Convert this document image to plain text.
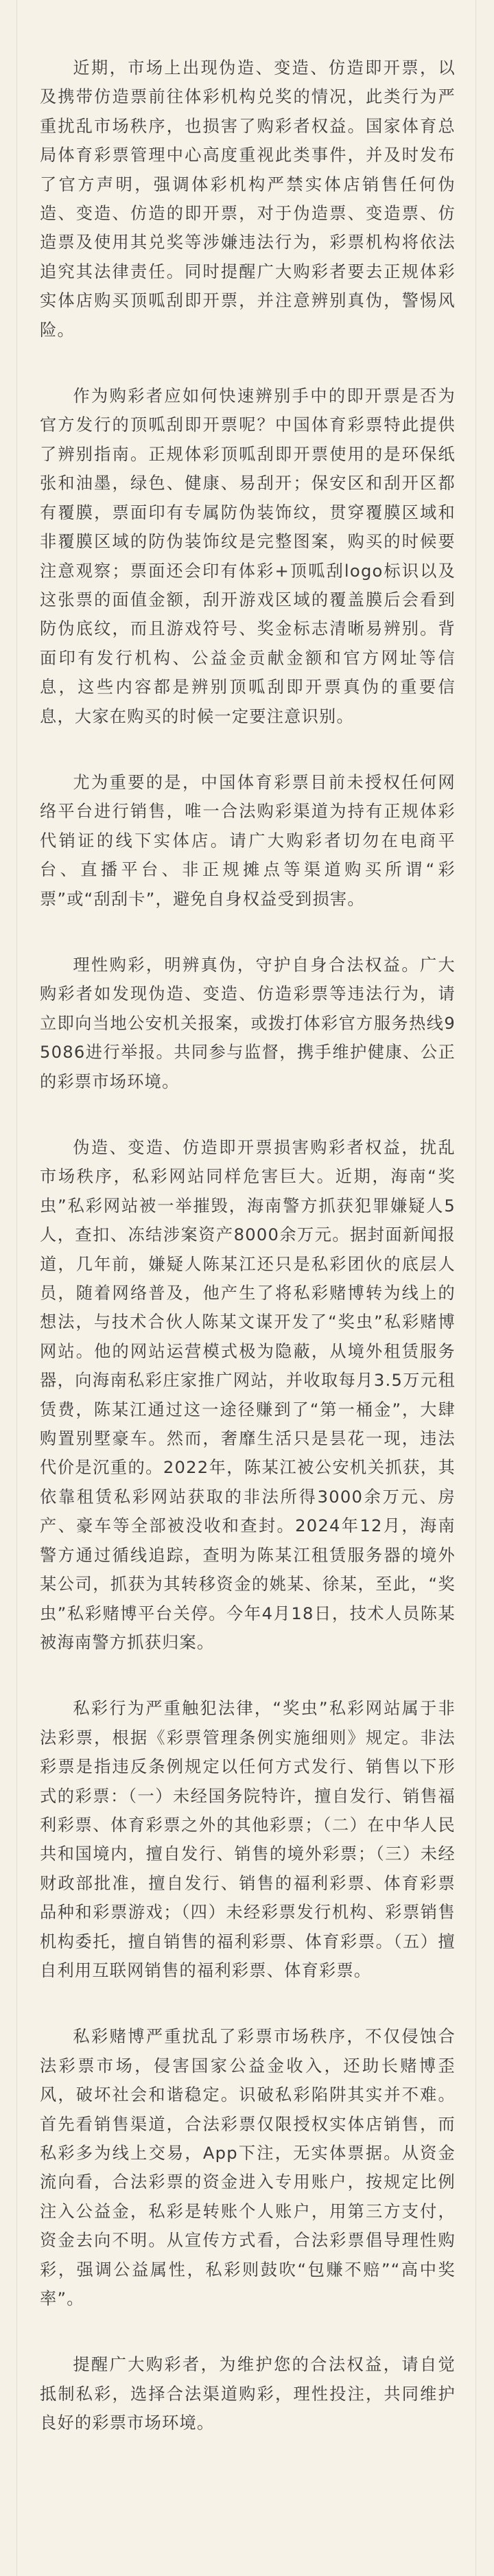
近期，市场上出现伪造、变造、仿造即开票，以及携带仿造票前往体彩机构兑奖的情况，此类行为严重扰乱市场秩序，也损害了购彩者权益。国家体育总局体育彩票管理中心高度重视此类事件，并及时发布了官方声明，强调体彩机构严禁实体店销售任何伪造、变造、仿造的即开票，对于伪造票、变造票、仿造票及使用其兑奖等涉嫌违法行为，彩票机构将依法追究其法律责任。同时提醒广大购彩者要去正规体彩实体店购买顶呱刮即开票，并注意辨别真伪，警惕风险。

作为购彩者应如何快速辨别手中的即开票是否为官方发行的顶呱刮即开票呢？中国体育彩票特此提供了辨别指南。正规体彩顶呱刮即开票使用的是环保纸张和油墨，绿色、健康、易刮开；保安区和刮开区都有覆膜，票面印有专属防伪装饰纹，贯穿覆膜区域和非覆膜区域的防伪装饰纹是完整图案，购买的时候要注意观察；票面还会印有体彩+顶呱刮logo标识以及这张票的面值金额，刮开游戏区域的覆盖膜后会看到防伪底纹，而且游戏符号、奖金标志清晰易辨别。背面印有发行机构、公益金贡献金额和官方网址等信息，这些内容都是辨别顶呱刮即开票真伪的重要信息，大家在购买的时候一定要注意识别。

尤为重要的是，中国体育彩票目前未授权任何网络平台进行销售，唯一合法购彩渠道为持有正规体彩代销证的线下实体店。请广大购彩者切勿在电商平台、直播平台、非正规摊点等渠道购买所谓“彩票”或“刮刮卡”，避免自身权益受到损害。

理性购彩，明辨真伪，守护自身合法权益。广大购彩者如发现伪造、变造、仿造彩票等违法行为，请立即向当地公安机关报案，或拨打体彩官方服务热线95086进行举报。共同参与监督，携手维护健康、公正的彩票市场环境。

伪造、变造、仿造即开票损害购彩者权益，扰乱市场秩序，私彩网站同样危害巨大。近期，海南“奖虫”私彩网站被一举摧毁，海南警方抓获犯罪嫌疑人5人，查扣、冻结涉案资产8000余万元。据封面新闻报道，几年前，嫌疑人陈某江还只是私彩团伙的底层人员，随着网络普及，他产生了将私彩赌博转为线上的想法，与技术合伙人陈某文谋开发了“奖虫”私彩赌博网站。他的网站运营模式极为隐蔽，从境外租赁服务器，向海南私彩庄家推广网站，并收取每月3.5万元租赁费，陈某江通过这一途径赚到了“第一桶金”，大肆购置别墅豪车。然而，奢靡生活只是昙花一现，违法代价是沉重的。2022年，陈某江被公安机关抓获，其依靠租赁私彩网站获取的非法所得3000余万元、房产、豪车等全部被没收和查封。2024年12月，海南警方通过循线追踪，查明为陈某江租赁服务器的境外某公司，抓获为其转移资金的姚某、徐某，至此，“奖虫”私彩赌博平台关停。今年4月18日，技术人员陈某被海南警方抓获归案。

私彩行为严重触犯法律，“奖虫”私彩网站属于非法彩票，根据《彩票管理条例实施细则》规定。非法彩票是指违反条例规定以任何方式发行、销售以下形式的彩票：（一）未经国务院特许，擅自发行、销售福利彩票、体育彩票之外的其他彩票；（二）在中华人民共和国境内，擅自发行、销售的境外彩票；（三）未经财政部批准，擅自发行、销售的福利彩票、体育彩票品种和彩票游戏；（四）未经彩票发行机构、彩票销售机构委托，擅自销售的福利彩票、体育彩票。（五）擅自利用互联网销售的福利彩票、体育彩票。

私彩赌博严重扰乱了彩票市场秩序，不仅侵蚀合法彩票市场，侵害国家公益金收入，还助长赌博歪风，破坏社会和谐稳定。识破私彩陷阱其实并不难。首先看销售渠道，合法彩票仅限授权实体店销售，而私彩多为线上交易，App下注，无实体票据。从资金流向看，合法彩票的资金进入专用账户，按规定比例注入公益金，私彩是转账个人账户，用第三方支付，资金去向不明。从宣传方式看，合法彩票倡导理性购彩，强调公益属性，私彩则鼓吹“包赚不赔”“高中奖率”。

提醒广大购彩者，为维护您的合法权益，请自觉抵制私彩，选择合法渠道购彩，理性投注，共同维护良好的彩票市场环境。
